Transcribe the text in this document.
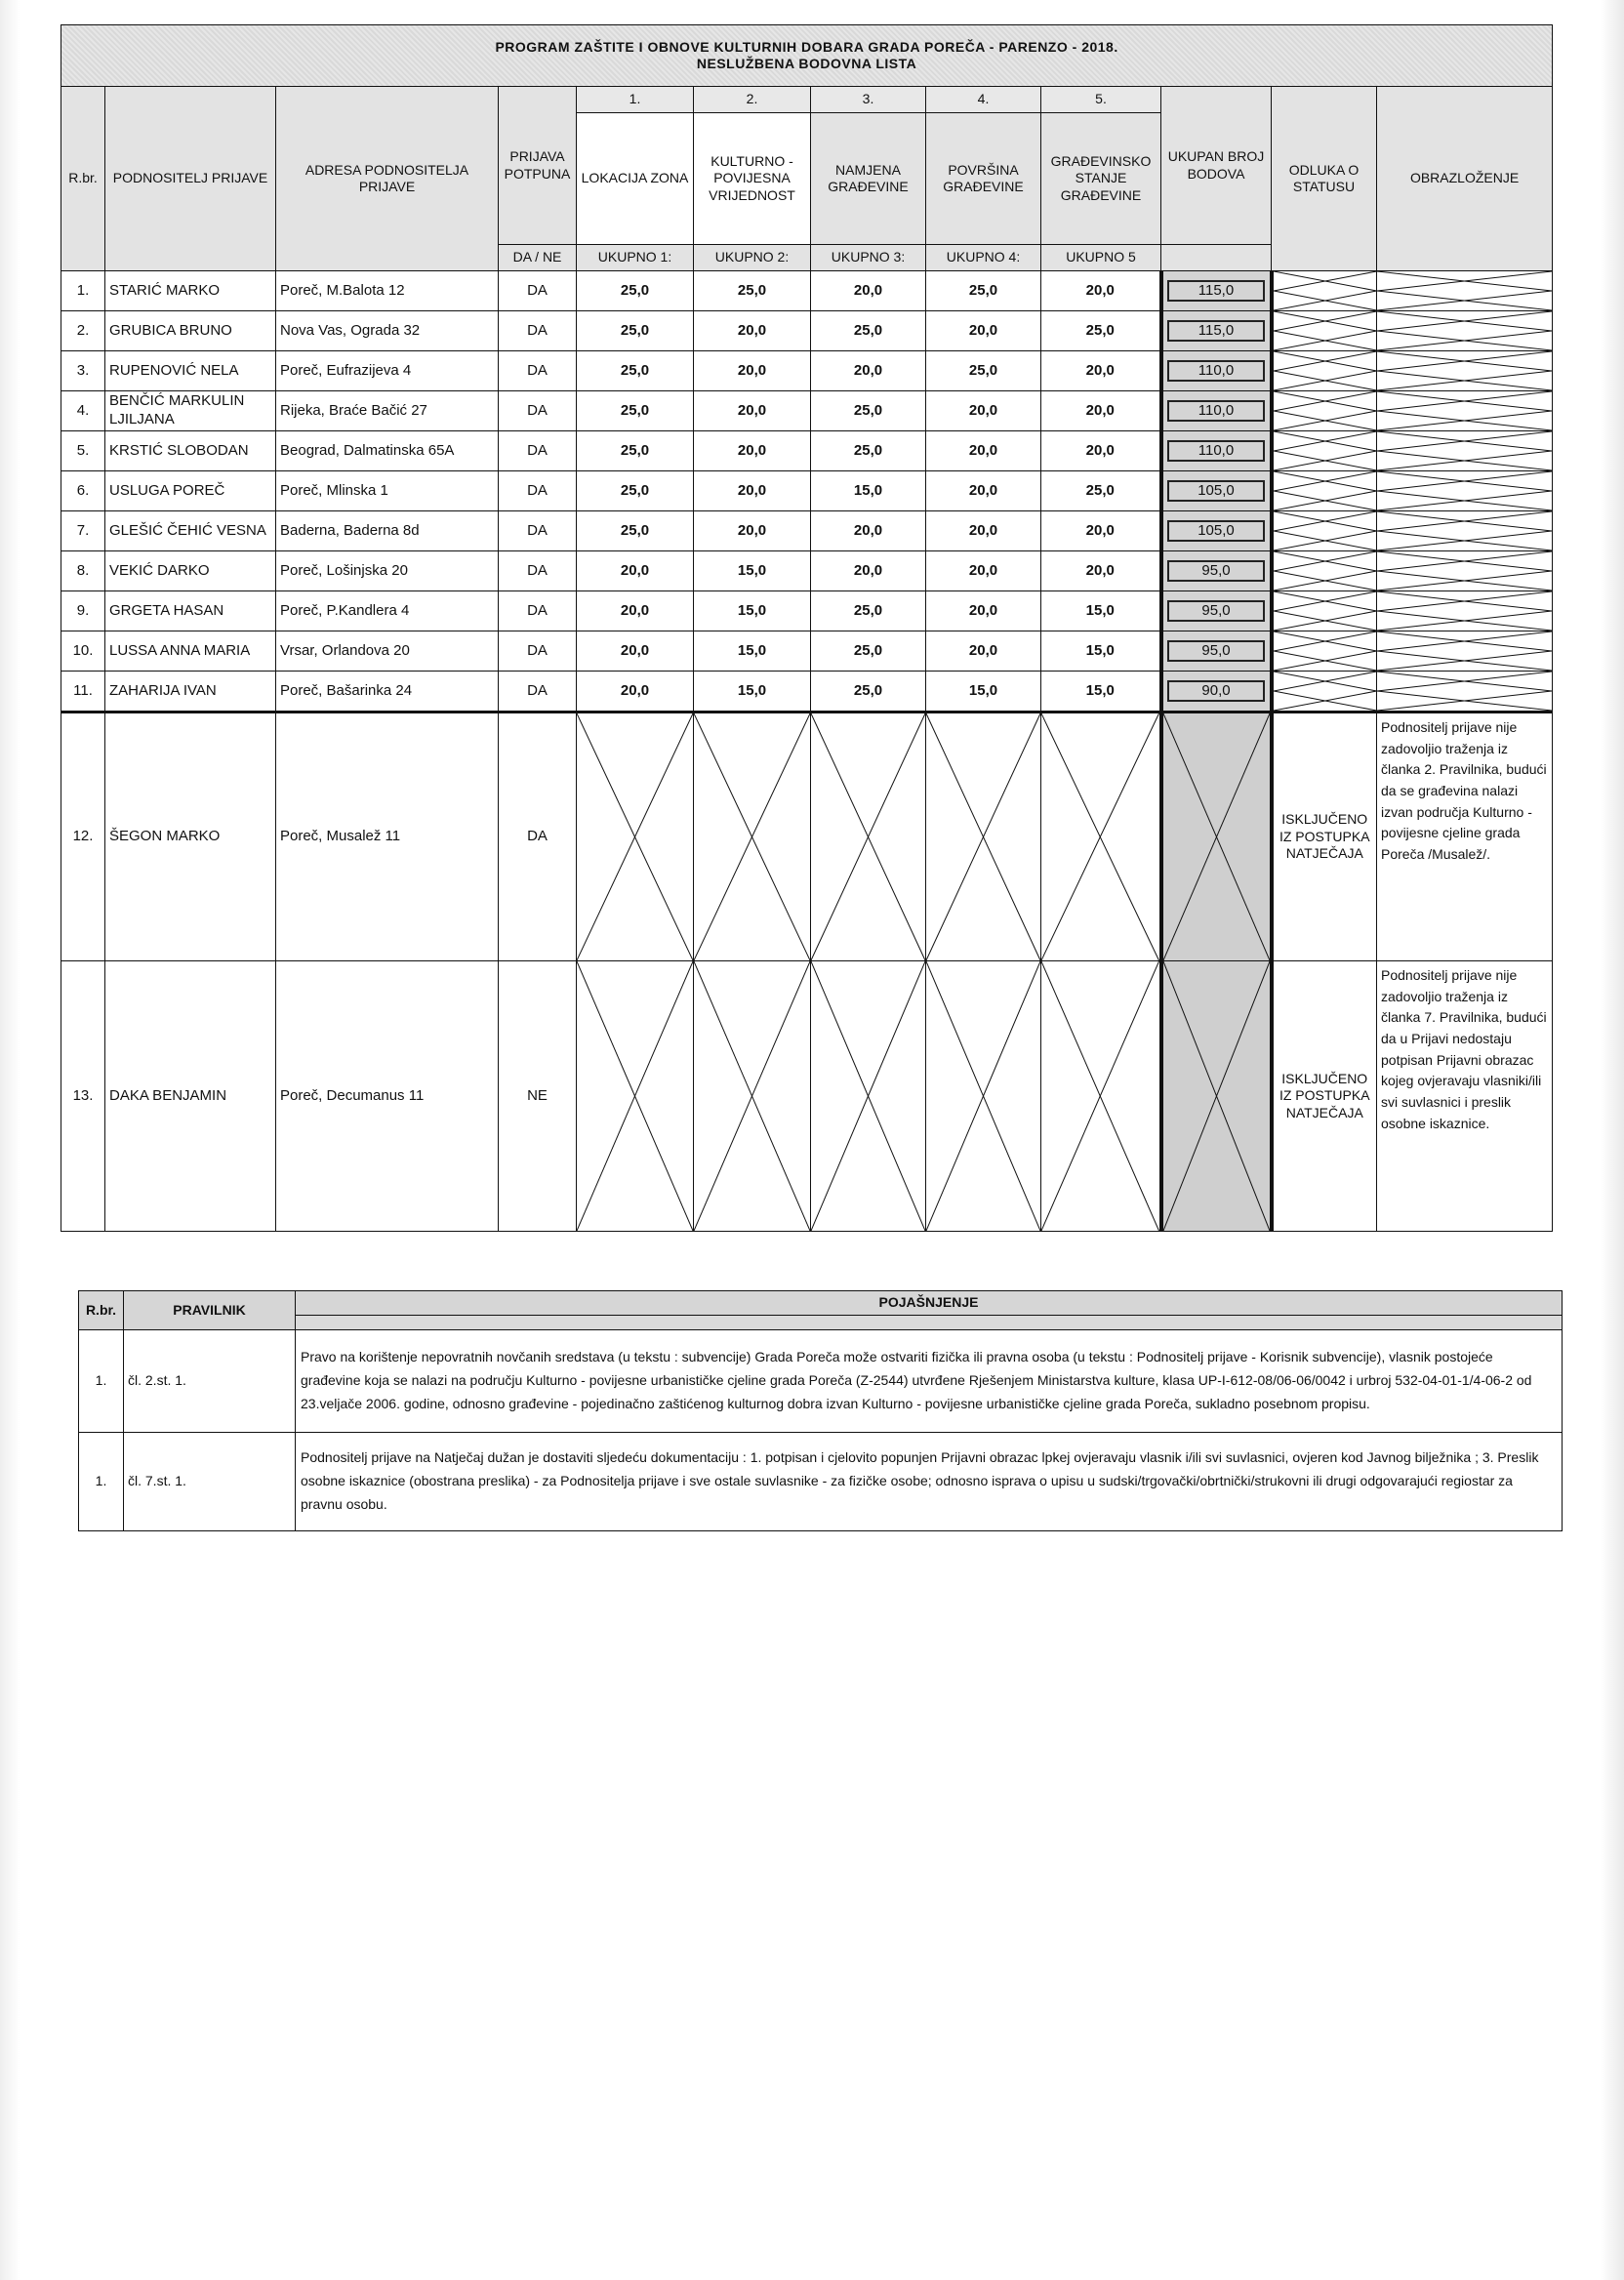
PROGRAM ZAŠTITE I OBNOVE KULTURNIH DOBARA GRADA POREČA - PARENZO - 2018.
NESLUŽBENA BODOVNA LISTA											

R.br.	PODNOSITELJ PRIJAVE	ADRESA PODNOSITELJA PRIJAVE	PRIJAVA POTPUNA	1.	2.	3.	4.	5.	UKUPAN BROJ BODOVA	ODLUKA O STATUSU	OBRAZLOŽENJE
				LOKACIJA ZONA	KULTURNO - POVIJESNA VRIJEDNOST	NAMJENA GRAĐEVINE	POVRŠINA GRAĐEVINE	GRAĐEVINSKO STANJE GRAĐEVINE			
			DA / NE	UKUPNO 1:	UKUPNO 2:	UKUPNO 3:	UKUPNO 4:	UKUPNO 5			
1.	STARIĆ MARKO	Poreč, M.Balota 12	DA	25,0	25,0	20,0	25,0	20,0	115,0	

2.	GRUBICA BRUNO	Nova Vas, Ograda 32	DA	25,0	20,0	25,0	20,0	25,0	115,0	

3.	RUPENOVIĆ NELA	Poreč, Eufrazijeva 4	DA	25,0	20,0	20,0	25,0	20,0	110,0	

4.	BENČIĆ MARKULIN LJILJANA	Rijeka, Braće Bačić 27	DA	25,0	20,0	25,0	20,0	20,0	110,0	

5.	KRSTIĆ SLOBODAN	Beograd, Dalmatinska 65A	DA	25,0	20,0	25,0	20,0	20,0	110,0	

6.	USLUGA POREČ	Poreč, Mlinska 1	DA	25,0	20,0	15,0	20,0	25,0	105,0	

7.	GLEŠIĆ ČEHIĆ VESNA	Baderna, Baderna 8d	DA	25,0	20,0	20,0	20,0	20,0	105,0	

8.	VEKIĆ DARKO	Poreč, Lošinjska 20	DA	20,0	15,0	20,0	20,0	20,0	95,0	

9.	GRGETA HASAN	Poreč, P.Kandlera 4	DA	20,0	15,0	25,0	20,0	15,0	95,0	

10.	LUSSA ANNA MARIA	Vrsar, Orlandova 20	DA	20,0	15,0	25,0	20,0	15,0	95,0	

11.	ZAHARIJA IVAN	Poreč, Bašarinka 24	DA	20,0	15,0	25,0	15,0	15,0	90,0	

12.	ŠEGON MARKO	Poreč, Musalež 11	DA							ISKLJUČENO IZ POSTUPKA NATJEČAJA	Podnositelj prijave nije zadovoljio traženja iz članka 2. Pravilnika, budući da se građevina nalazi izvan područja Kulturno - povijesne cjeline grada Poreča /Musalež/.
13.	DAKA BENJAMIN	Poreč, Decumanus 11	NE							ISKLJUČENO IZ POSTUPKA NATJEČAJA	Podnositelj prijave nije zadovoljio traženja iz članka 7. Pravilnika, budući da u Prijavi nedostaju potpisan Prijavni obrazac kojeg ovjeravaju vlasniki/ili svi suvlasnici i preslik osobne iskaznice.
R.br.	PRAVILNIK	POJAŠNJENJE

1.	čl. 2.st. 1.	Pravo na korištenje nepovratnih novčanih sredstava (u tekstu : subvencije) Grada Poreča može ostvariti fizička ili pravna osoba (u tekstu : Podnositelj prijave - Korisnik subvencije), vlasnik postojeće građevine koja se nalazi na području Kulturno - povijesne urbanističke cjeline grada Poreča (Z-2544) utvrđene Rješenjem Ministarstva kulture, klasa UP-I-612-08/06-06/0042 i urbroj 532-04-01-1/4-06-2 od 23.veljače 2006. godine, odnosno građevine - pojedinačno zaštićenog kulturnog dobra izvan Kulturno - povijesne urbanističke cjeline grada Poreča, sukladno posebnom propisu.
1.	čl. 7.st. 1.	Podnositelj prijave na Natječaj dužan je dostaviti sljedeću dokumentaciju : 1. potpisan i cjelovito popunjen Prijavni obrazac lpkej ovjeravaju vlasnik i/ili svi suvlasnici, ovjeren kod Javnog bilježnika ; 3. Preslik osobne iskaznice (obostrana preslika) - za Podnositelja prijave i sve ostale suvlasnike - za fizičke osobe; odnosno isprava o upisu u sudski/trgovački/obrtnički/strukovni ili drugi odgovarajući regiostar za pravnu osobu.
